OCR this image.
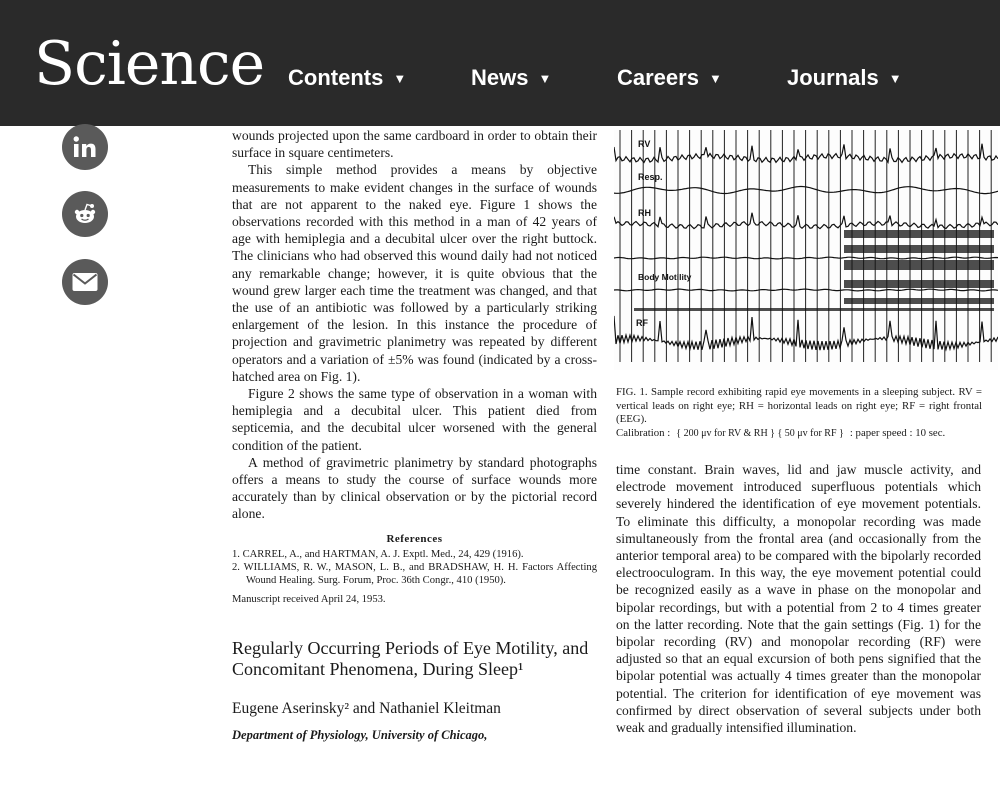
Science Contents ▼	News ▼	Careers ▼	Journals ▼

wounds projected upon the same cardboard in order to obtain their surface in square centimeters.

This simple method provides a means by objective measurements to make evident changes in the surface of wounds that are not apparent to the naked eye. Figure 1 shows the observations recorded with this method in a man of 42 years of age with hemiplegia and a decubital ulcer over the right buttock. The clinicians who had observed this wound daily had not noticed any remarkable change; however, it is quite obvious that the wound grew larger each time the treatment was changed, and that the use of an antibiotic was followed by a particularly striking enlargement of the lesion. In this instance the procedure of projection and gravimetric planimetry was repeated by different operators and a variation of ±5% was found (indicated by a cross-hatched area on Fig. 1).

Figure 2 shows the same type of observation in a woman with hemiplegia and a decubital ulcer. This patient died from septicemia, and the decubital ulcer worsened with the general condition of the patient.

A method of gravimetric planimetry by standard photographs offers a means to study the course of surface wounds more accurately than by clinical observation or by the pictorial record alone.

References

1. CARREL, A., and HARTMAN, A. J. Exptl. Med., 24, 429 (1916).

2. WILLIAMS, R. W., MASON, L. B., and BRADSHAW, H. H. Factors Affecting Wound Healing. Surg. Forum, Proc. 36th Congr., 410 (1950).

Manuscript received April 24, 1953.
Regularly Occurring Periods of Eye Motility, and Concomitant Phenomena, During Sleep¹
Eugene Aserinsky² and Nathaniel Kleitman
Department of Physiology, University of Chicago,
RV
Resp.
RH
Body Motility
RF
FIG. 1. Sample record exhibiting rapid eye movements in a sleeping subject. RV = vertical leads on right eye; RH = horizontal leads on right eye; RF = right frontal (EEG).
Calibration : { 200 μv for RV & RH } { 50 μv for RF } : paper speed : 10 sec.

time constant. Brain waves, lid and jaw muscle activity, and electrode movement introduced superfluous potentials which severely hindered the identification of eye movement potentials. To eliminate this difficulty, a monopolar recording was made simultaneously from the frontal area (and occasionally from the anterior temporal area) to be compared with the bipolarly recorded electrooculogram. In this way, the eye movement potential could be recognized easily as a wave in phase on the monopolar and bipolar recordings, but with a potential from 2 to 4 times greater on the latter recording. Note that the gain settings (Fig. 1) for the bipolar recording (RV) and monopolar recording (RF) were adjusted so that an equal excursion of both pens signified that the bipolar potential was actually 4 times greater than the monopolar potential. The criterion for identification of eye movement was confirmed by direct observation of several subjects under both weak and gradually intensified illumination.
